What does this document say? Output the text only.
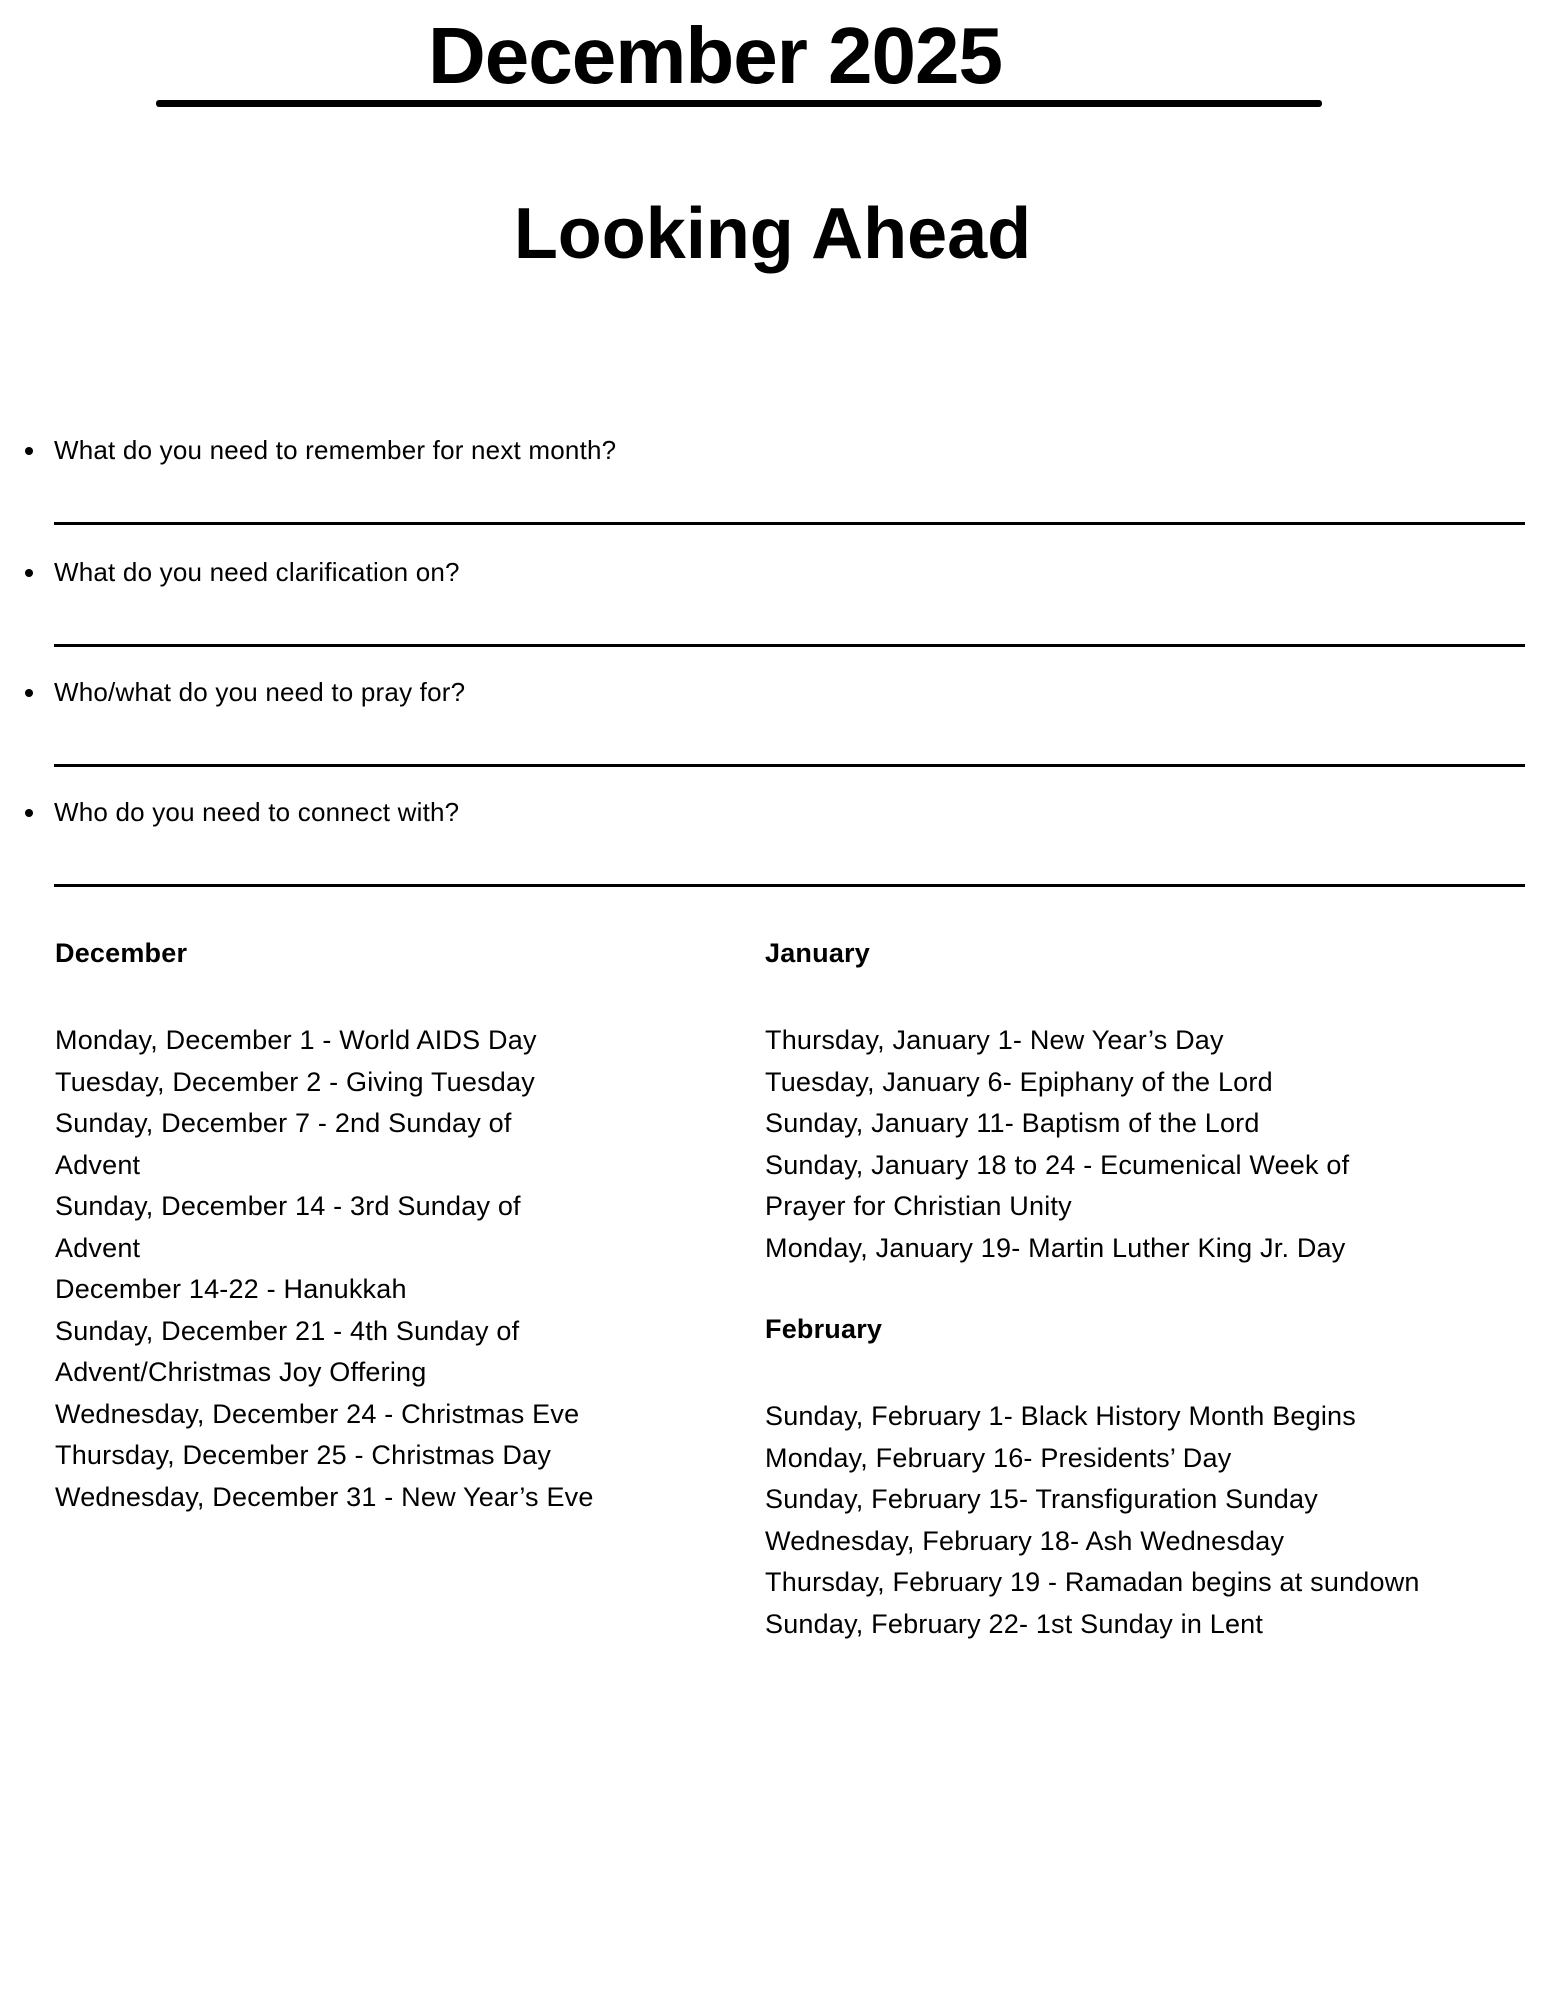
December 2025
Looking Ahead
What do you need to remember for next month?
What do you need clarification on?
Who/what do you need to pray for?
Who do you need to connect with?
December
Monday, December 1 - World AIDS Day
Tuesday, December 2 - Giving Tuesday
Sunday, December 7 - 2nd Sunday of Advent
Sunday, December 14 - 3rd Sunday of Advent
December 14-22 - Hanukkah
Sunday, December 21 - 4th Sunday of Advent/Christmas Joy Offering
Wednesday, December 24 - Christmas Eve
Thursday, December 25 - Christmas Day
Wednesday, December 31 - New Year’s Eve
January
Thursday, January 1- New Year’s Day
Tuesday, January 6- Epiphany of the Lord
Sunday, January 11- Baptism of the Lord
Sunday, January 18 to 24 - Ecumenical Week of Prayer for Christian Unity
Monday, January 19- Martin Luther King Jr. Day
February
Sunday, February 1- Black History Month Begins
Monday, February 16- Presidents’ Day
Sunday, February 15- Transfiguration Sunday
Wednesday, February 18- Ash Wednesday
Thursday, February 19 - Ramadan begins at sundown
Sunday, February 22- 1st Sunday in Lent
